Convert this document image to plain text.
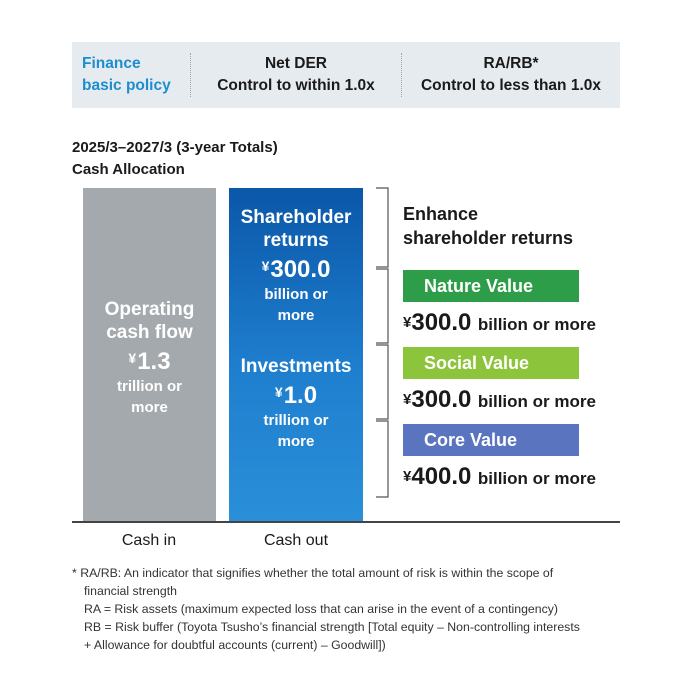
Finance
basic policy
Net DER
Control to within 1.0x
RA/RB*
Control to less than 1.0x
2025/3–2027/3 (3-year Totals)
Cash Allocation
Operating
cash flow
¥1.3
trillion or
more
Shareholder
returns
¥300.0
billion or
more
Investments
¥1.0
trillion or
more
Cash in	Cash out
Enhance
shareholder returns
Nature Value
¥300.0 billion or more
Social Value
¥300.0 billion or more
Core Value
¥400.0 billion or more
* RA/RB: An indicator that signifies whether the total amount of risk is within the scope of
financial strength
RA = Risk assets (maximum expected loss that can arise in the event of a contingency)
RB = Risk buffer (Toyota Tsusho’s financial strength [Total equity – Non-controlling interests
+ Allowance for doubtful accounts (current) – Goodwill])
